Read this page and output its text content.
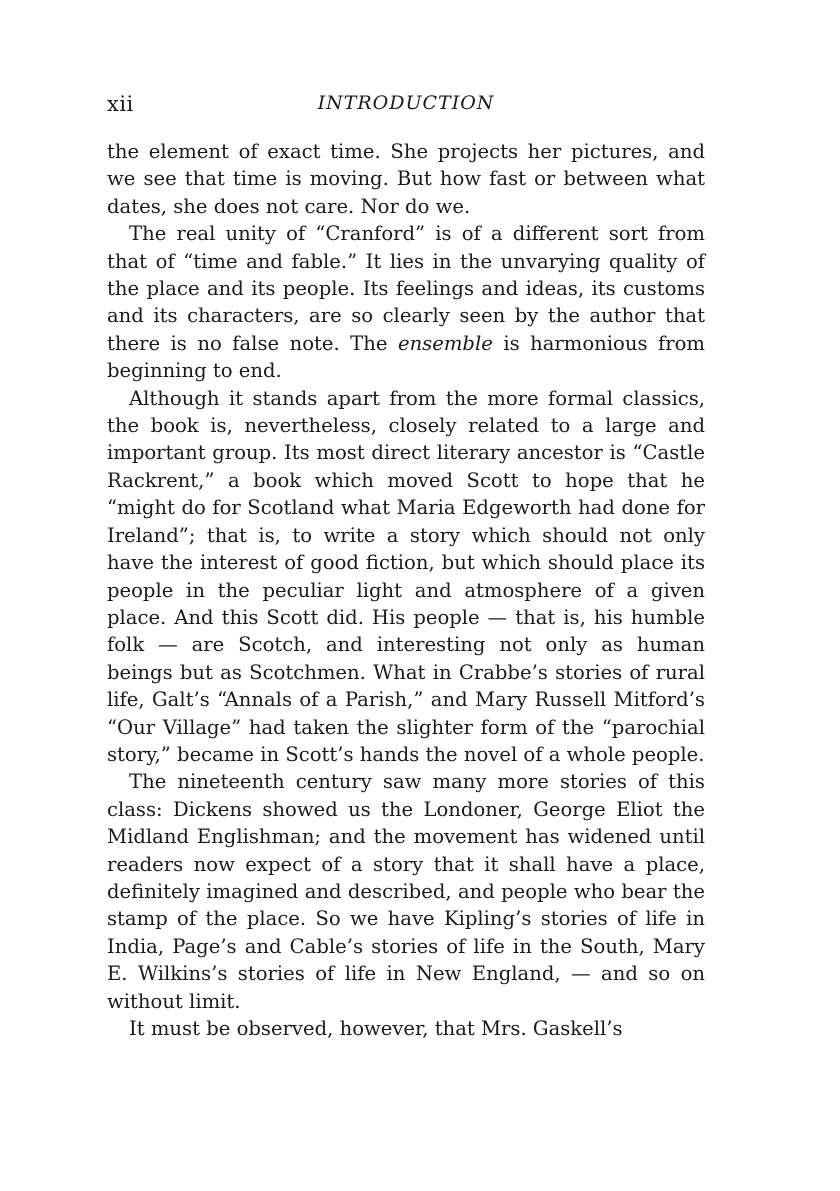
xii	INTRODUCTION

the element of exact time. She projects her pictures, and we see that time is moving. But how fast or between what dates, she does not care. Nor do we.

The real unity of “Cranford” is of a different sort from that of “time and fable.” It lies in the unvarying quality of the place and its people. Its feelings and ideas, its customs and its characters, are so clearly seen by the author that there is no false note. The ensemble is harmonious from beginning to end.

Although it stands apart from the more formal classics, the book is, nevertheless, closely related to a large and important group. Its most direct literary ancestor is “Castle Rackrent,” a book which moved Scott to hope that he “might do for Scotland what Maria Edgeworth had done for Ireland”; that is, to write a story which should not only have the interest of good fiction, but which should place its people in the peculiar light and atmosphere of a given place. And this Scott did. His people — that is, his humble folk — are Scotch, and interesting not only as human beings but as Scotchmen. What in Crabbe’s stories of rural life, Galt’s “Annals of a Parish,” and Mary Russell Mitford’s “Our Village” had taken the slighter form of the “parochial story,” became in Scott’s hands the novel of a whole people.

The nineteenth century saw many more stories of this class: Dickens showed us the Londoner, George Eliot the Midland Englishman; and the movement has widened until readers now expect of a story that it shall have a place, definitely imagined and described, and people who bear the stamp of the place. So we have Kipling’s stories of life in India, Page’s and Cable’s stories of life in the South, Mary E. Wilkins’s stories of life in New England, — and so on without limit.

It must be observed, however, that Mrs. Gaskell’s
